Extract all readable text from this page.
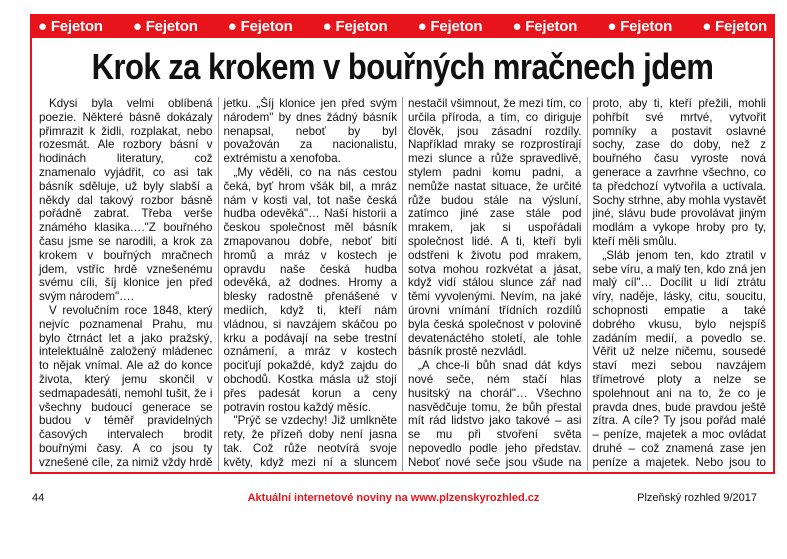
● Fejeton ● Fejeton ● Fejeton ● Fejeton ● Fejeton ● Fejeton ● Fejeton ● Fejeton
Krok za krokem v bouřných mračnech jdem

Kdysi byla velmi oblíbená poezie. Některé básně dokázaly přimrazit k židli, rozplakat, nebo rozesmát. Ale rozbory básní v hodinách literatury, což znamenalo vyjádřit, co asi tak básník sděluje, už byly slabší a někdy dal takový rozbor básně pořádně zabrat. Třeba verše známého klasika…."Z bouřného času jsme se narodili, a krok za krokem v bouřných mračnech jdem, vstříc hrdě vznešenému svému cíli, šíj klonice jen před svým národem"….

V revolučním roce 1848, který nejvíc poznamenal Prahu, mu bylo čtrnáct let a jako pražský, intelektuálně založený mládenec to nějak vnímal. Ale až do konce života, který jemu skončil v sedmapadesáti, nemohl tušit, že i všechny budoucí generace se budou v téměř pravidelných časových intervalech brodit bouřnými časy. A co jsou ty vznešené cíle, za nimiž vždy hrdě

jetku. „Šíj klonice jen před svým národem" by dnes žádný básník nenapsal, neboť by byl považován za nacionalistu, extrémistu a xenofoba.

„My věděli, co na nás cestou čeká, byť hrom všák bil, a mráz nám v kosti val, tot naše česká hudba odevěká"… Naší historii a českou společnost měl básník zmapovanou dobře, neboť bití hromů a mráz v kostech je opravdu naše česká hudba odevěká, až dodnes. Hromy a blesky radostně přenášené v mediích, když ti, kteří nám vládnou, si navzájem skáčou po krku a podávají na sebe trestní oznámení, a mráz v kostech pociťují pokaždé, když zajdu do obchodů. Kostka másla už stojí přes padesát korun a ceny potravin rostou každý měsíc.

"Prýč se vzdechy! Již umlkněte rety, že přízeň doby není jasna tak. Což růže neotvírá svoje květy, když mezi ní a sluncem

nestačil všimnout, že mezi tím, co určila příroda, a tím, co diriguje člověk, jsou zásadní rozdíly. Například mraky se rozprostírají mezi slunce a růže spravedlivě, stylem padni komu padni, a nemůže nastat situace, že určité růže budou stále na výsluní, zatímco jiné zase stále pod mrakem, jak si uspořádali společnost lidé. A ti, kteří byli odstřeni k životu pod mrakem, sotva mohou rozkvétat a jásat, když vidí stálou slunce zář nad těmi vyvolenými. Nevím, na jaké úrovni vnímání třídních rozdílů byla česká společnost v polovině devatenáctého století, ale tohle básník prostě nezvládl.

„A chce-li bůh snad dát kdys nové seče, ném stačí hlas husitský na chorál"… Všechno nasvědčuje tomu, že bůh přestal mít rád lidstvo jako takové – asi se mu při stvoření světa nepovedlo podle jeho představ. Neboť nové seče jsou všude na

proto, aby ti, kteří přežili, mohli pohřbít své mrtvé, vytvořit pomníky a postavit oslavné sochy, zase do doby, než z bouřného času vyroste nová generace a zavrhne všechno, co ta předchozí vytvořila a uctívala. Sochy strhne, aby mohla vystavět jiné, slávu bude provolávat jiným modlám a vykope hroby pro ty, kteří měli smůlu.

„Sláb jenom ten, kdo ztratil v sebe víru, a malý ten, kdo zná jen malý cíl"… Docílit u lidí ztrátu víry, naděje, lásky, citu, soucitu, schopnosti empatie a také dobrého vkusu, bylo nejspíš zadáním medií, a povedlo se. Věřit už nelze ničemu, sousedé staví mezi sebou navzájem třímetrové ploty a nelze se spolehnout ani na to, že co je pravda dnes, bude pravdou ještě zítra. A cíle? Ty jsou pořád malé – peníze, majetek a moc ovládat druhé – což znamená zase jen peníze a majetek. Nebo jsou to

44	Aktuální internetové noviny na www.plzenskyrozhled.cz	Plzeňský rozhled 9/2017
